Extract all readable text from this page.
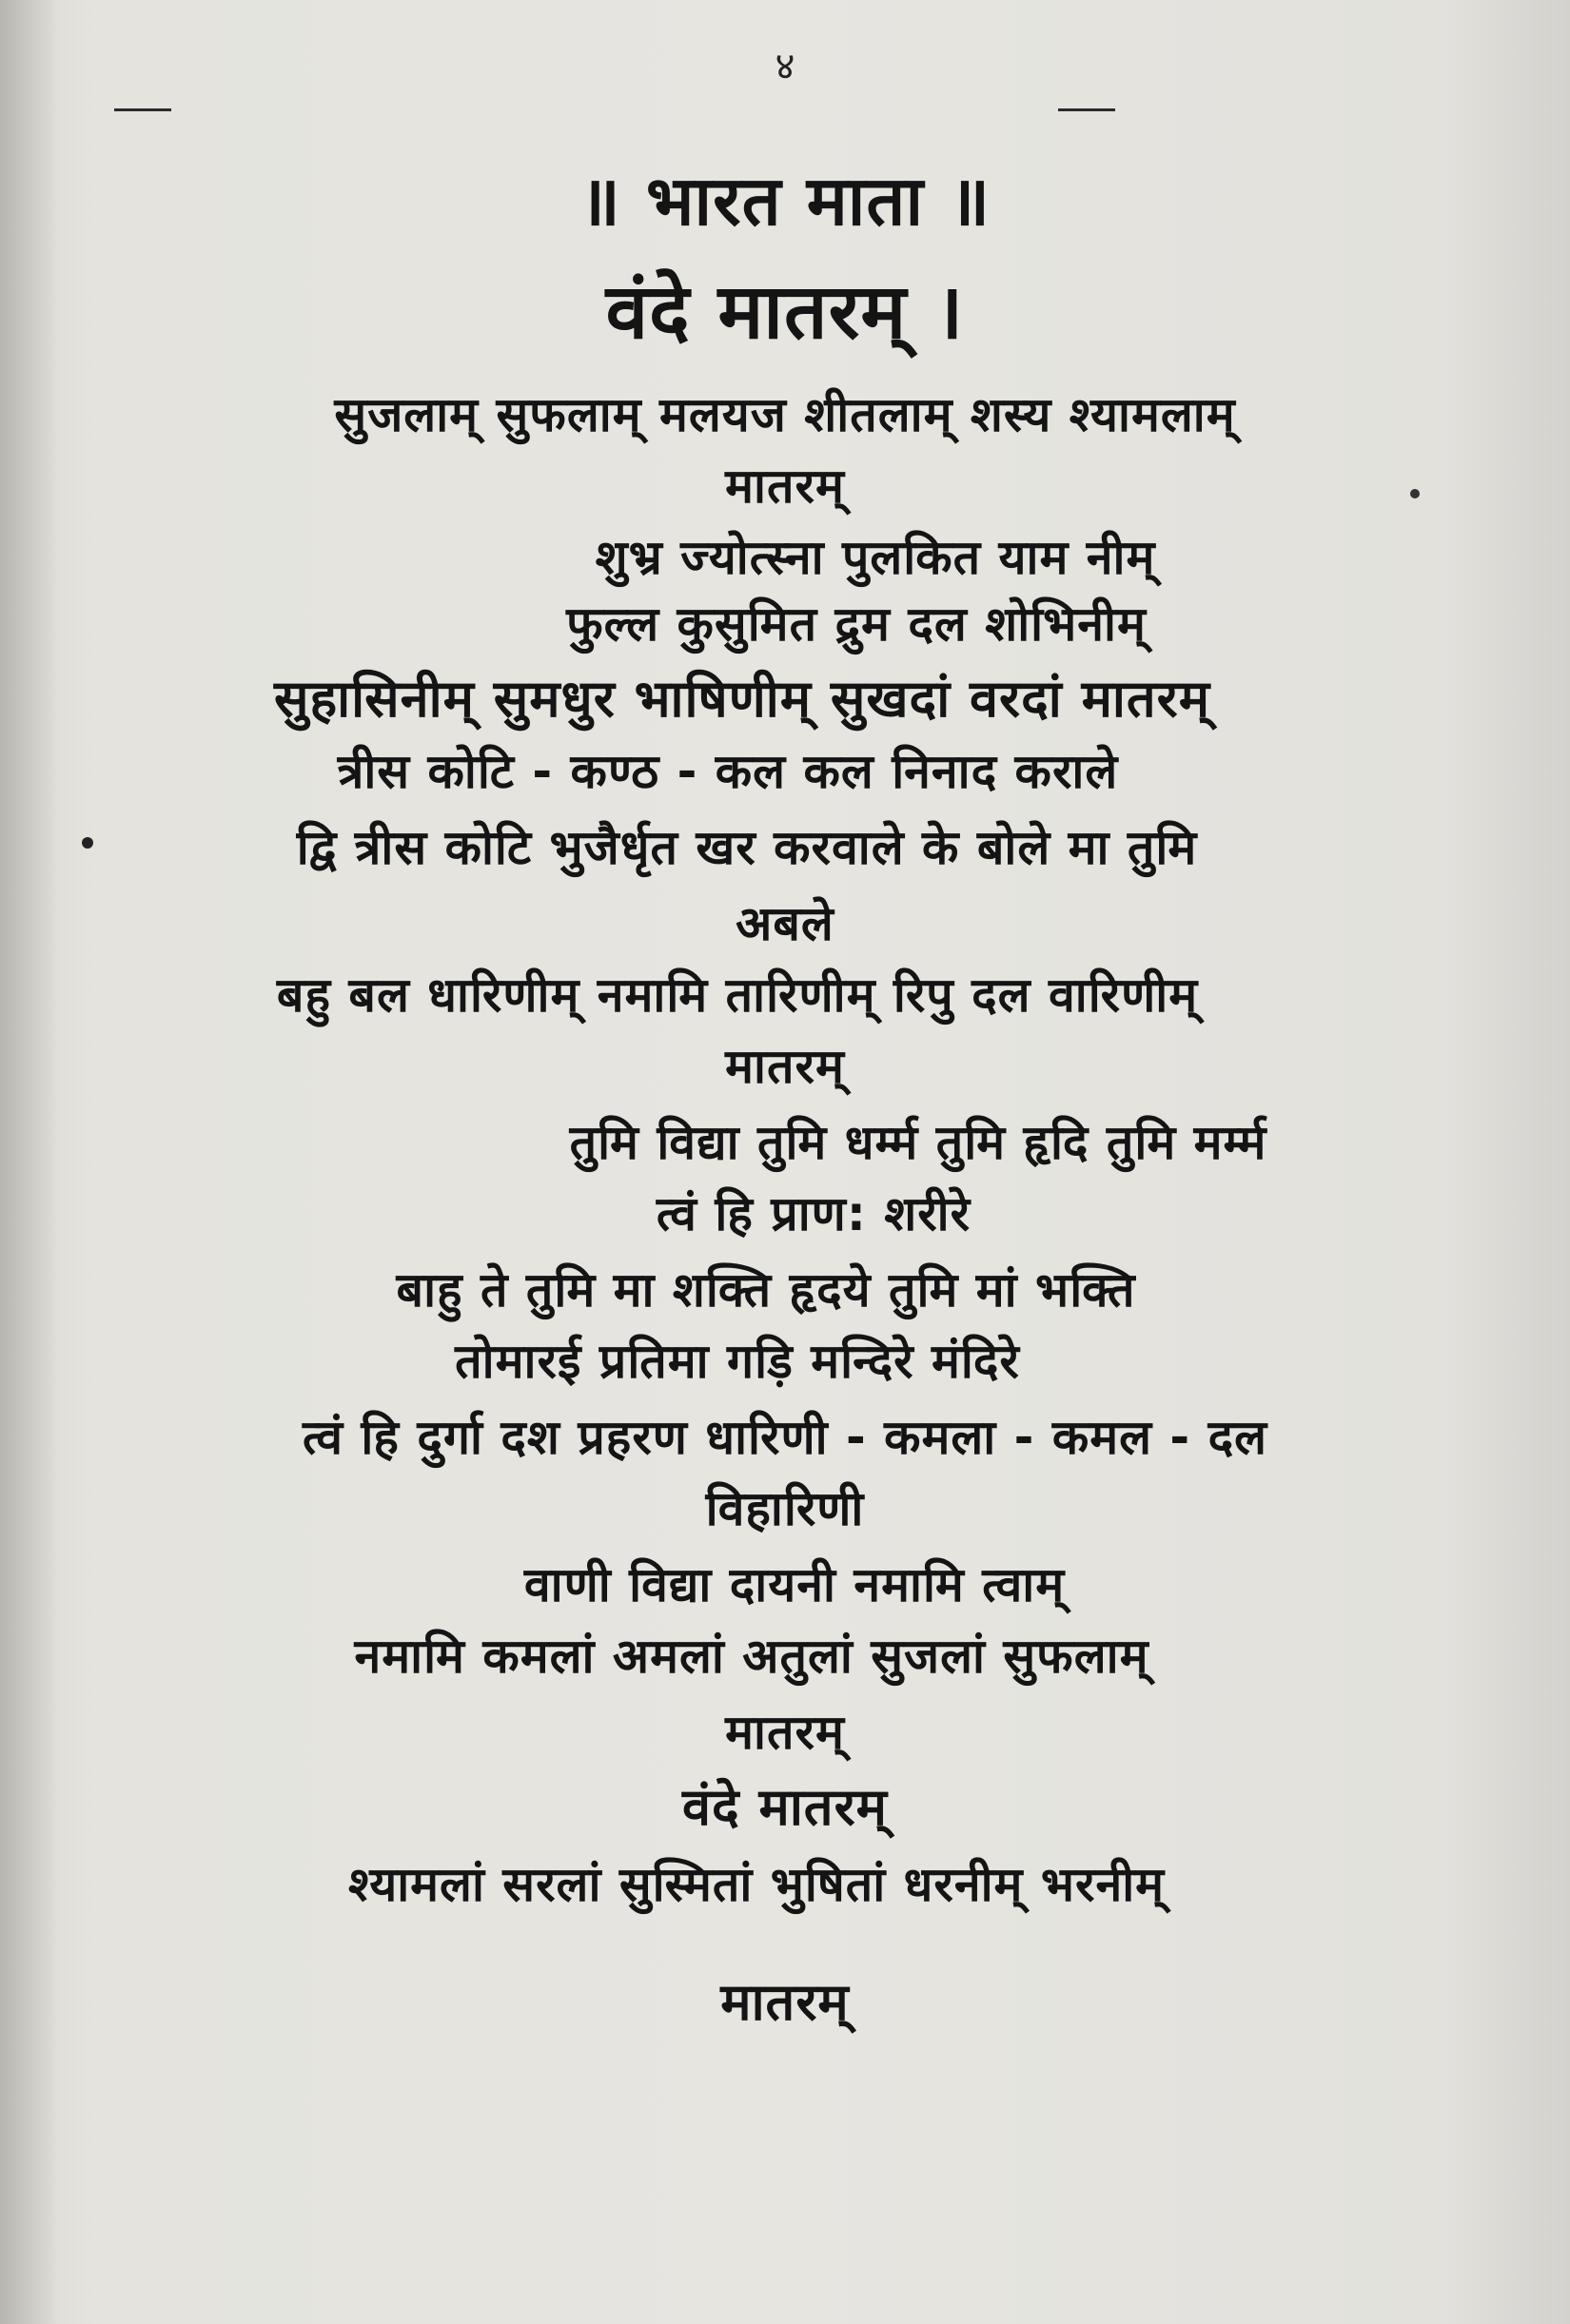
४
॥ भारत माता ॥
वंदे मातरम् ।
सुजलाम् सुफलाम् मलयज शीतलाम् शस्य श्यामलाम्
मातरम्
शुभ्र ज्योत्स्ना पुलकित याम नीम्
फुल्ल कुसुमित द्रुम दल शोभिनीम्
सुहासिनीम् सुमधुर भाषिणीम् सुखदां वरदां मातरम्
त्रीस कोटि - कण्ठ - कल कल निनाद कराले
द्वि त्रीस कोटि भुजैर्धृत खर करवाले के बोले मा तुमि
अबले
बहु बल धारिणीम् नमामि तारिणीम् रिपु दल वारिणीम्
मातरम्
तुमि विद्या तुमि धर्म्म तुमि हृदि तुमि मर्म्म
त्वं हि प्राण: शरीरे
बाहु ते तुमि मा शक्ति हृदये तुमि मां भक्ति
तोमारई प्रतिमा गड़ि मन्दिरे मंदिरे
त्वं हि दुर्गा दश प्रहरण धारिणी - कमला - कमल - दल
विहारिणी
वाणी विद्या दायनी नमामि त्वाम्
नमामि कमलां अमलां अतुलां सुजलां सुफलाम्
मातरम्
वंदे मातरम्
श्यामलां सरलां सुस्मितां भुषितां धरनीम् भरनीम्
मातरम्
